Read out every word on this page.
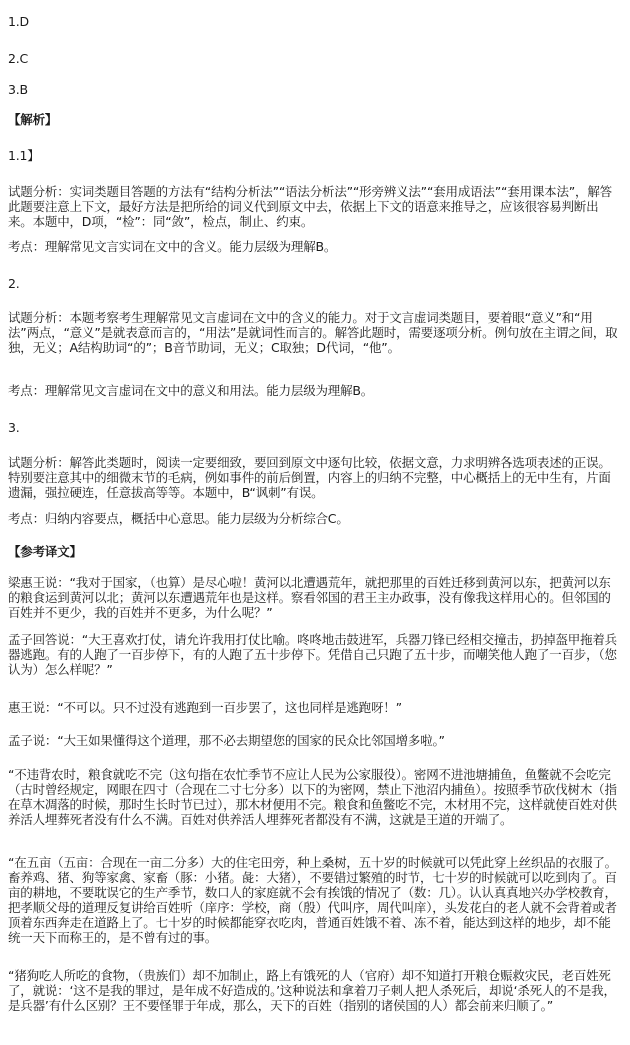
1.D
2.C
3.B
【解析】
1.1】
试题分析：实词类题目答题的方法有“结构分析法”“语法分析法”“形旁辨义法”“套用成语法”“套用课本法”，解答此题要注意上下文，最好方法是把所给的词义代到原文中去，依据上下文的语意来推导之，应该很容易判断出来。本题中，D项，“检”：同“敛”，检点，制止、约束。
考点：理解常见文言实词在文中的含义。能力层级为理解B。
2.
试题分析：本题考察考生理解常见文言虚词在文中的含义的能力。对于文言虚词类题目，要着眼“意义”和“用法”两点，“意义”是就表意而言的，“用法”是就词性而言的。解答此题时，需要逐项分析。例句放在主谓之间，取独，无义；A结构助词“的”；B音节助词，无义；C取独；D代词，“他”。
考点：理解常见文言虚词在文中的意义和用法。能力层级为理解B。
3.
试题分析：解答此类题时，阅读一定要细致，要回到原文中逐句比较，依据文意，力求明辨各选项表述的正误。特别要注意其中的细微末节的毛病，例如事件的前后倒置，内容上的归纳不完整，中心概括上的无中生有，片面遗漏，强拉硬连，任意拔高等等。本题中，B“讽刺”有误。
考点：归纳内容要点，概括中心意思。能力层级为分析综合C。
【参考译文】
梁惠王说：“我对于国家，（也算）是尽心啦！黄河以北遭遇荒年，就把那里的百姓迁移到黄河以东，把黄河以东的粮食运到黄河以北；黄河以东遭遇荒年也是这样。察看邻国的君王主办政事，没有像我这样用心的。但邻国的百姓并不更少，我的百姓并不更多，为什么呢？”
孟子回答说：“大王喜欢打仗，请允许我用打仗比喻。咚咚地击鼓进军，兵器刀锋已经相交撞击，扔掉盔甲拖着兵器逃跑。有的人跑了一百步停下，有的人跑了五十步停下。凭借自己只跑了五十步，而嘲笑他人跑了一百步，（您认为）怎么样呢？”
惠王说：“不可以。只不过没有逃跑到一百步罢了，这也同样是逃跑呀！”
孟子说：“大王如果懂得这个道理，那不必去期望您的国家的民众比邻国增多啦。”
“不违背农时，粮食就吃不完（这句指在农忙季节不应让人民为公家服役）。密网不进池塘捕鱼，鱼鳖就不会吃完（古时曾经规定，网眼在四寸（合现在二寸七分多）以下的为密网，禁止下池沼内捕鱼）。按照季节砍伐树木（指在草木凋落的时候，那时生长时节已过），那木材便用不完。粮食和鱼鳖吃不完，木材用不完，这样就使百姓对供养活人埋葬死者没有什么不满。百姓对供养活人埋葬死者都没有不满，这就是王道的开端了。
“在五亩（五亩：合现在一亩二分多）大的住宅田旁，种上桑树，五十岁的时候就可以凭此穿上丝织品的衣服了。畜养鸡、猪、狗等家禽、家畜（豚：小猪。彘：大猪），不要错过繁殖的时节，七十岁的时候就可以吃到肉了。百亩的耕地，不要耽误它的生产季节，数口人的家庭就不会有挨饿的情况了（数：几）。认认真真地兴办学校教育，把孝顺父母的道理反复讲给百姓听（庠序：学校，商（殷）代叫序，周代叫庠），头发花白的老人就不会背着或者顶着东西奔走在道路上了。七十岁的时候都能穿衣吃肉，普通百姓饿不着、冻不着，能达到这样的地步，却不能统一天下而称王的，是不曾有过的事。
“猪狗吃人所吃的食物，（贵族们）却不加制止，路上有饿死的人（官府）却不知道打开粮仓赈救灾民，老百姓死了，就说：‘这不是我的罪过，是年成不好造成的。’这种说法和拿着刀子刺人把人杀死后，却说‘杀死人的不是我，是兵器’有什么区别？王不要怪罪于年成，那么，天下的百姓（指别的诸侯国的人）都会前来归顺了。”
